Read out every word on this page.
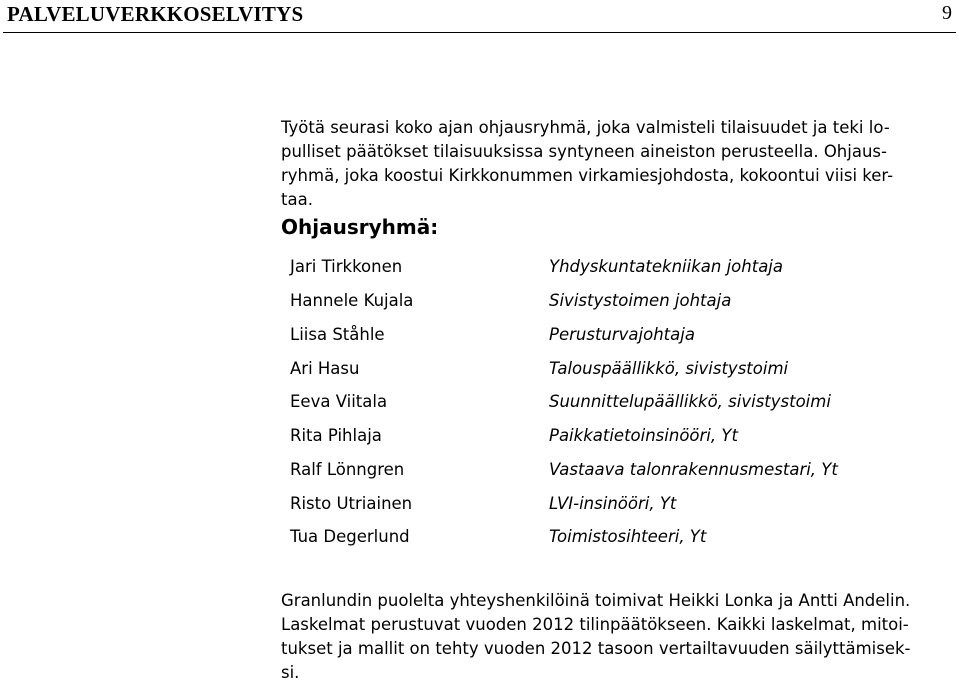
PALVELUVERKKOSELVITYS	9

Työtä seurasi koko ajan ohjausryhmä, joka valmisteli tilaisuudet ja teki lo-
pulliset päätökset tilaisuuksissa syntyneen aineiston perusteella. Ohjaus-
ryhmä, joka koostui Kirkkonummen virkamiesjohdosta, kokoontui viisi ker-
taa.

Ohjausryhmä:
Jari Tirkkonen	Yhdyskuntatekniikan johtaja
Hannele Kujala	Sivistystoimen johtaja
Liisa Ståhle	Perusturvajohtaja
Ari Hasu	Talouspäällikkö, sivistystoimi
Eeva Viitala	Suunnittelupäällikkö, sivistystoimi
Rita Pihlaja	Paikkatietoinsinööri, Yt
Ralf Lönngren	Vastaava talonrakennusmestari, Yt
Risto Utriainen	LVI-insinööri, Yt
Tua Degerlund	Toimistosihteeri, Yt

Granlundin puolelta yhteyshenkilöinä toimivat Heikki Lonka ja Antti Andelin.
Laskelmat perustuvat vuoden 2012 tilinpäätökseen. Kaikki laskelmat, mitoi-
tukset ja mallit on tehty vuoden 2012 tasoon vertailtavuuden säilyttämisek-
si.
